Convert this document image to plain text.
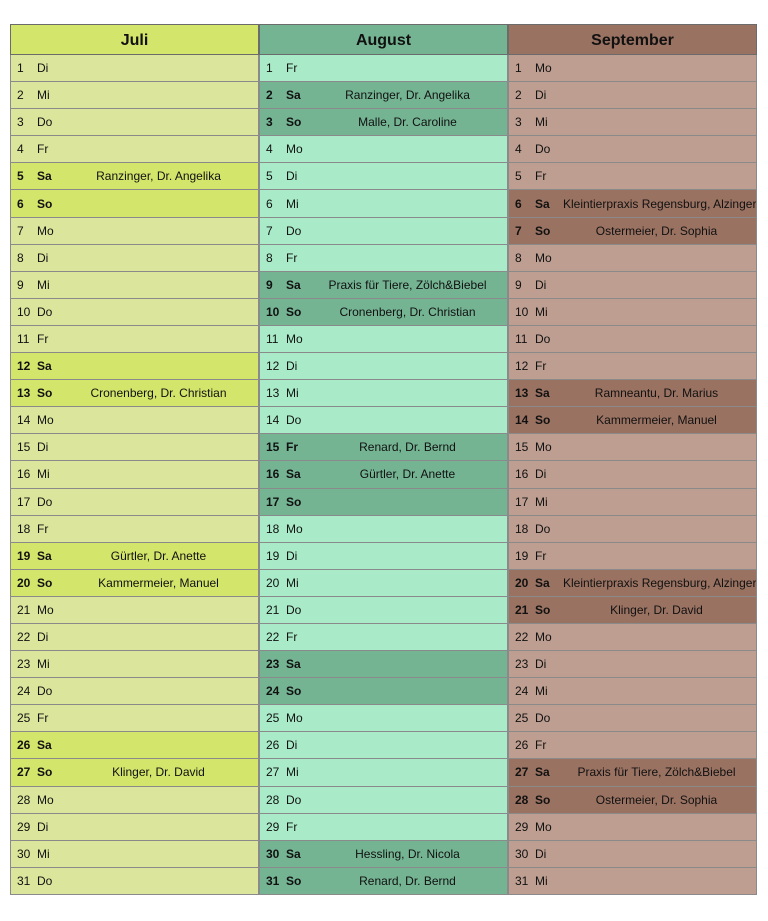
Juli
1	Di
2	Mi
3	Do
4	Fr
5	Sa	Ranzinger, Dr. Angelika
6	So
7	Mo
8	Di
9	Mi
10 Do
11 Fr
12 Sa
13 So	Cronenberg, Dr. Christian
14 Mo
15 Di
16 Mi
17 Do
18 Fr
19 Sa	Gürtler, Dr. Anette
20 So	Kammermeier, Manuel
21 Mo
22 Di
23 Mi
24 Do
25 Fr
26 Sa
27 So	Klinger, Dr. David
28 Mo
29 Di
30 Mi
31 Do
August
1	Fr
2	Sa	Ranzinger, Dr. Angelika
3	So	Malle, Dr. Caroline
4	Mo
5	Di
6	Mi
7	Do
8	Fr
9	Sa	Praxis für Tiere, Zölch&Biebel
10 So	Cronenberg, Dr. Christian
11 Mo
12 Di
13 Mi
14 Do
15 Fr	Renard, Dr. Bernd
16 Sa	Gürtler, Dr. Anette
17 So
18 Mo
19 Di
20 Mi
21 Do
22 Fr
23 Sa
24 So
25 Mo
26 Di
27 Mi
28 Do
29 Fr
30 Sa	Hessling, Dr. Nicola
31 So	Renard, Dr. Bernd
September
1	Mo
2	Di
3	Mi
4	Do
5	Fr
6	Sa	Kleintierpraxis Regensburg, Alzinger
7	So	Ostermeier, Dr. Sophia
8	Mo
9	Di
10 Mi
11 Do
12 Fr
13 Sa	Ramneantu, Dr. Marius
14 So	Kammermeier, Manuel
15 Mo
16 Di
17 Mi
18 Do
19 Fr
20 Sa	Kleintierpraxis Regensburg, Alzinger
21 So	Klinger, Dr. David
22 Mo
23 Di
24 Mi
25 Do
26 Fr
27 Sa	Praxis für Tiere, Zölch&Biebel
28 So	Ostermeier, Dr. Sophia
29 Mo
30 Di
31 Mi
